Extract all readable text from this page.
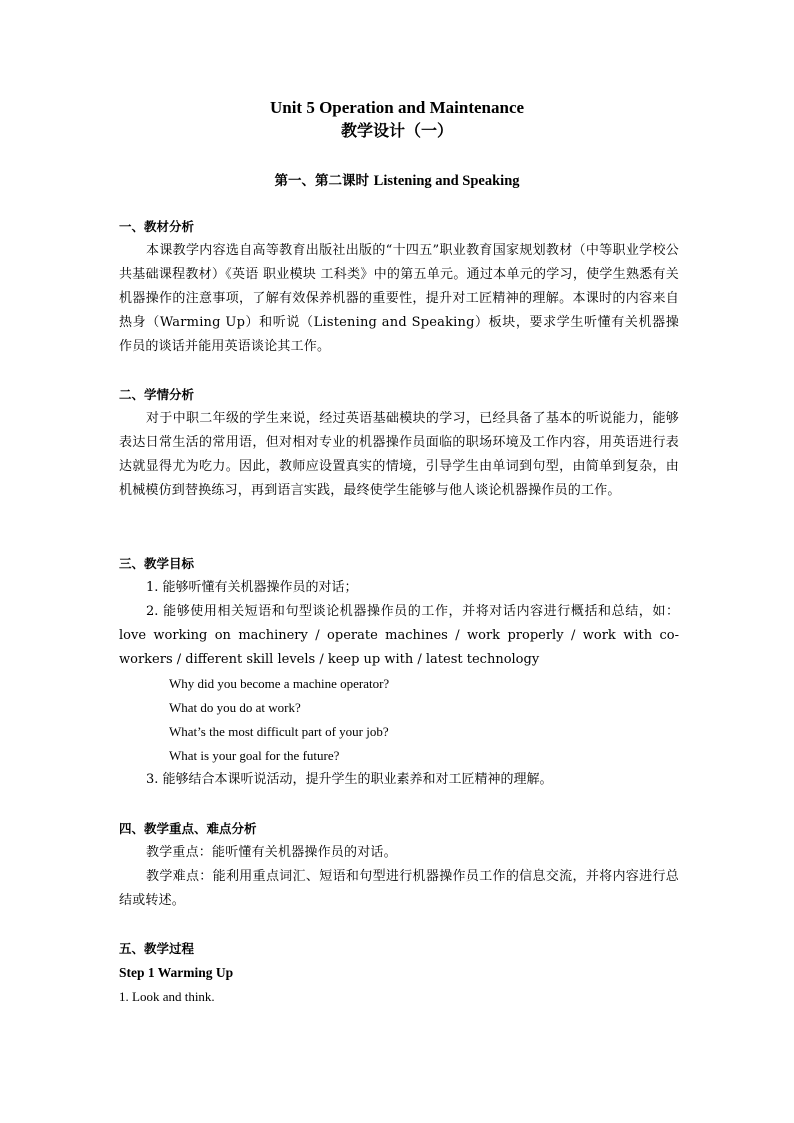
Unit 5 Operation and Maintenance
教学设计（一）
第一、第二课时 Listening and Speaking
一、教材分析
本课教学内容选自高等教育出版社出版的“十四五”职业教育国家规划教材（中等职业学校公共基础课程教材）《英语 职业模块 工科类》中的第五单元。通过本单元的学习，使学生熟悉有关机器操作的注意事项，了解有效保养机器的重要性，提升对工匠精神的理解。本课时的内容来自热身（Warming Up）和听说（Listening and Speaking）板块，要求学生听懂有关机器操作员的谈话并能用英语谈论其工作。
二、学情分析
对于中职二年级的学生来说，经过英语基础模块的学习，已经具备了基本的听说能力，能够表达日常生活的常用语，但对相对专业的机器操作员面临的职场环境及工作内容，用英语进行表达就显得尤为吃力。因此，教师应设置真实的情境，引导学生由单词到句型，由简单到复杂，由机械模仿到替换练习，再到语言实践，最终使学生能够与他人谈论机器操作员的工作。
三、教学目标
1. 能够听懂有关机器操作员的对话；
2. 能够使用相关短语和句型谈论机器操作员的工作，并将对话内容进行概括和总结，如：love working on machinery / operate machines / work properly / work with co-workers / different skill levels / keep up with / latest technology
Why did you become a machine operator?
What do you do at work?
What’s the most difficult part of your job?
What is your goal for the future?
3. 能够结合本课听说活动，提升学生的职业素养和对工匠精神的理解。
四、教学重点、难点分析
教学重点：能听懂有关机器操作员的对话。
教学难点：能利用重点词汇、短语和句型进行机器操作员工作的信息交流，并将内容进行总结或转述。
五、教学过程
Step 1 Warming Up
1. Look and think.
